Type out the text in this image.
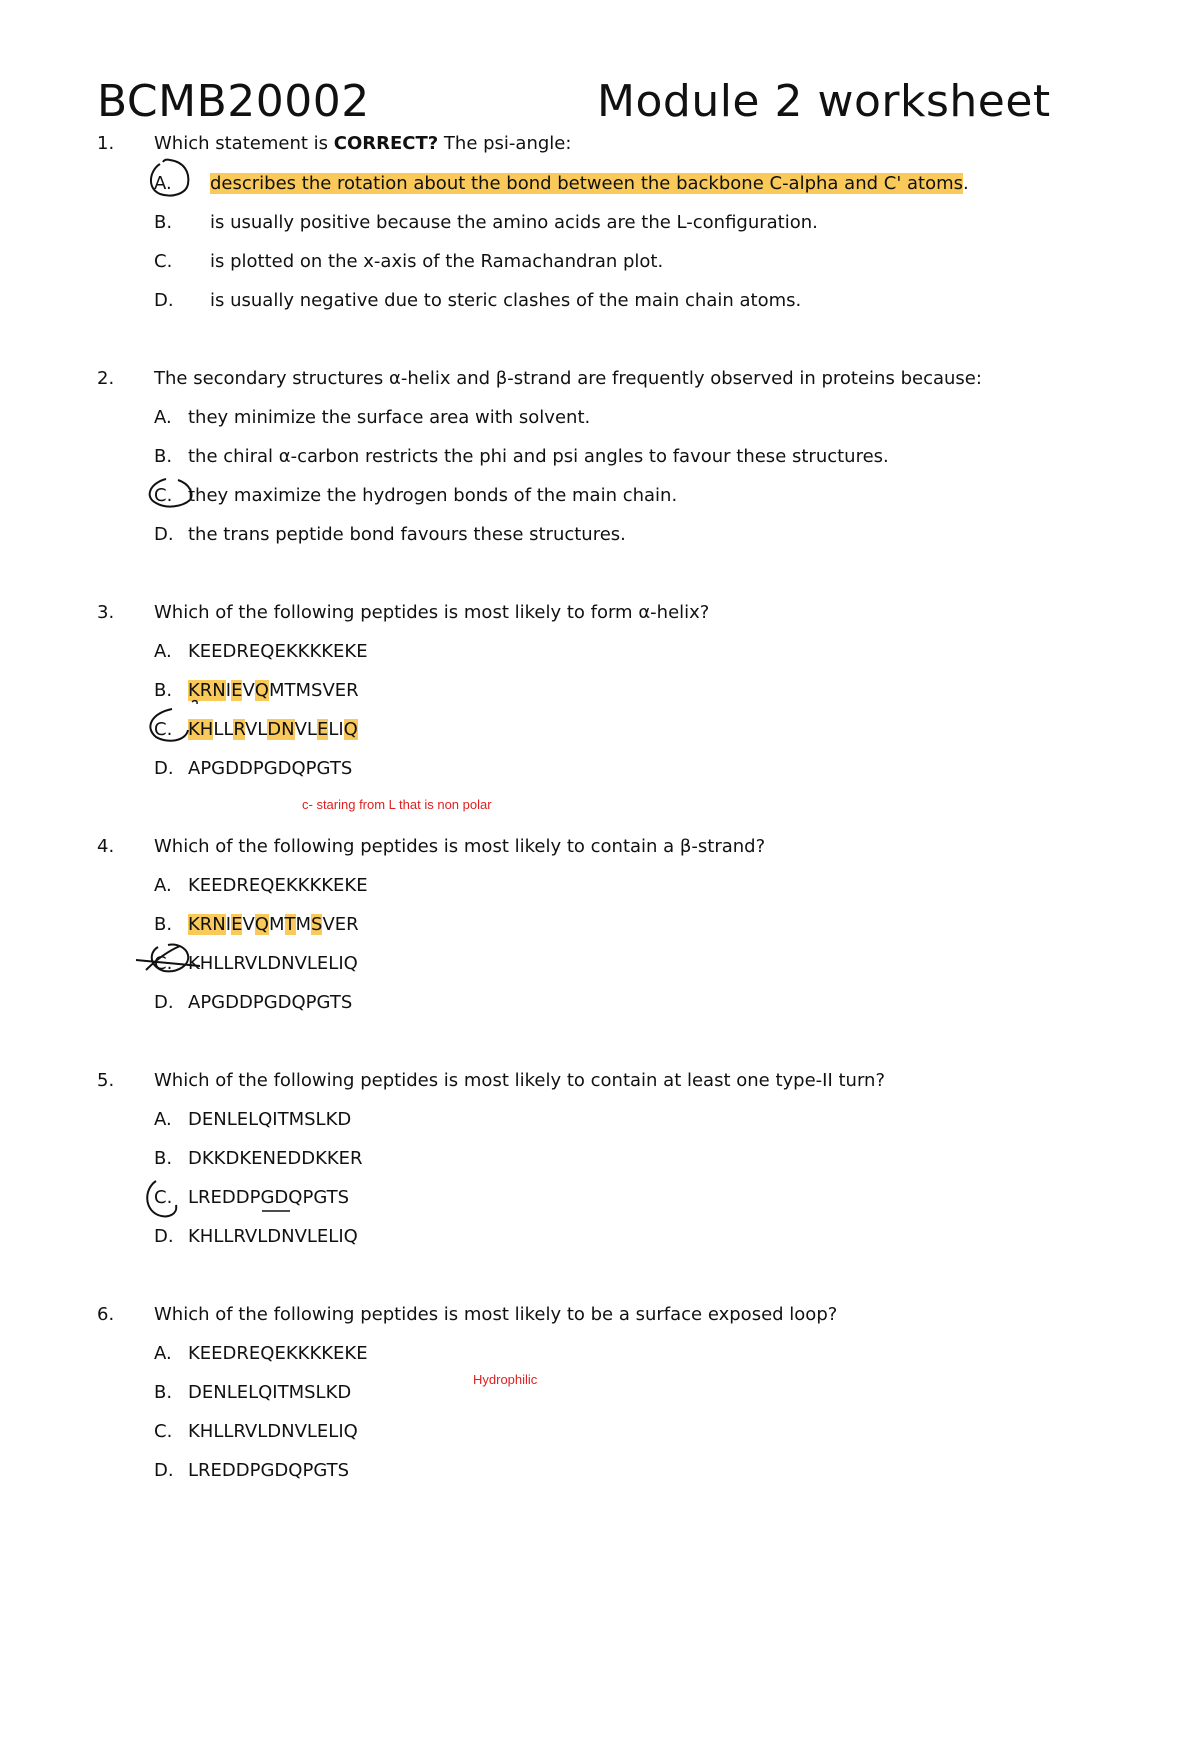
BCMB20002	Module 2 worksheet
1. Which statement is CORRECT? The psi-angle:
A. describes the rotation about the bond between the backbone C-alpha and C' atoms.
B. is usually positive because the amino acids are the L-configuration.
C. is plotted on the x-axis of the Ramachandran plot.
D. is usually negative due to steric clashes of the main chain atoms.
2. The secondary structures α-helix and β-strand are frequently observed in proteins because:
A. they minimize the surface area with solvent.
B. the chiral α-carbon restricts the phi and psi angles to favour these structures.
C. they maximize the hydrogen bonds of the main chain.
D. the trans peptide bond favours these structures.
3. Which of the following peptides is most likely to form α-helix?
A. KEEDREQEKKKKEKE
B. KRNIEVQMTMSVER
C. KHLLRVLDNVLELIQ
D. APGDDPGDQPGTS
c- staring from L that is non polar
4. Which of the following peptides is most likely to contain a β-strand?
A. KEEDREQEKKKKEKE
B. KRNIEVQMTMSVER
C. KHLLRVLDNVLELIQ
D. APGDDPGDQPGTS
5. Which of the following peptides is most likely to contain at least one type-II turn?
A. DENLELQITMSLKD
B. DKKDKENEDDKKER
C. LREDDPGDQPGTS
D. KHLLRVLDNVLELIQ
6. Which of the following peptides is most likely to be a surface exposed loop?
A. KEEDREQEKKKKEKE
Hydrophilic
B. DENLELQITMSLKD
C. KHLLRVLDNVLELIQ
D. LREDDPGDQPGTS
